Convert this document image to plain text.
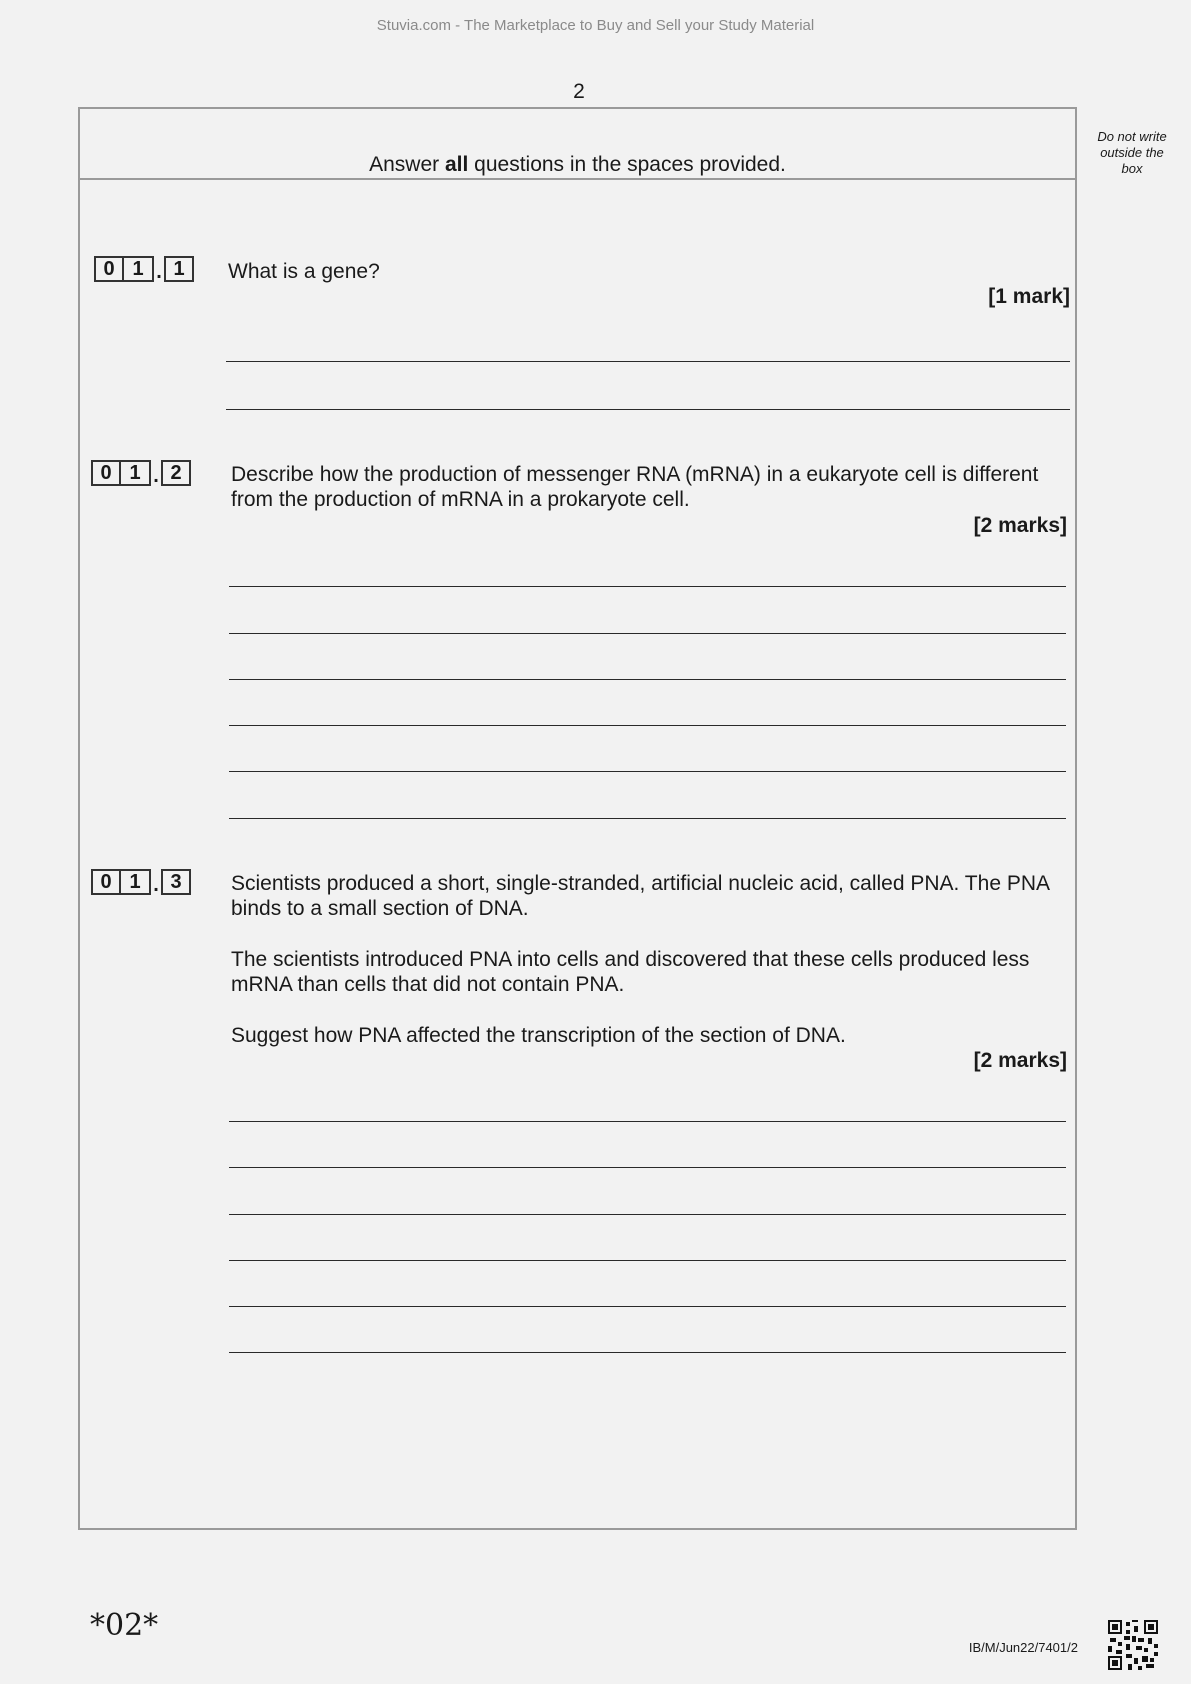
Stuvia.com - The Marketplace to Buy and Sell your Study Material
2
Answer all questions in the spaces provided.
Do not write
outside the
box
0 1 . 1	What is a gene?
[1 mark]
0 1 . 2	Describe how the production of messenger RNA (mRNA) in a eukaryote cell is different from the production of mRNA in a prokaryote cell.
[2 marks]
0 1 . 3	Scientists produced a short, single-stranded, artificial nucleic acid, called PNA. The PNA binds to a small section of DNA.
The scientists introduced PNA into cells and discovered that these cells produced less mRNA than cells that did not contain PNA.
Suggest how PNA affected the transcription of the section of DNA.
[2 marks]
*02*
IB/M/Jun22/7401/2
